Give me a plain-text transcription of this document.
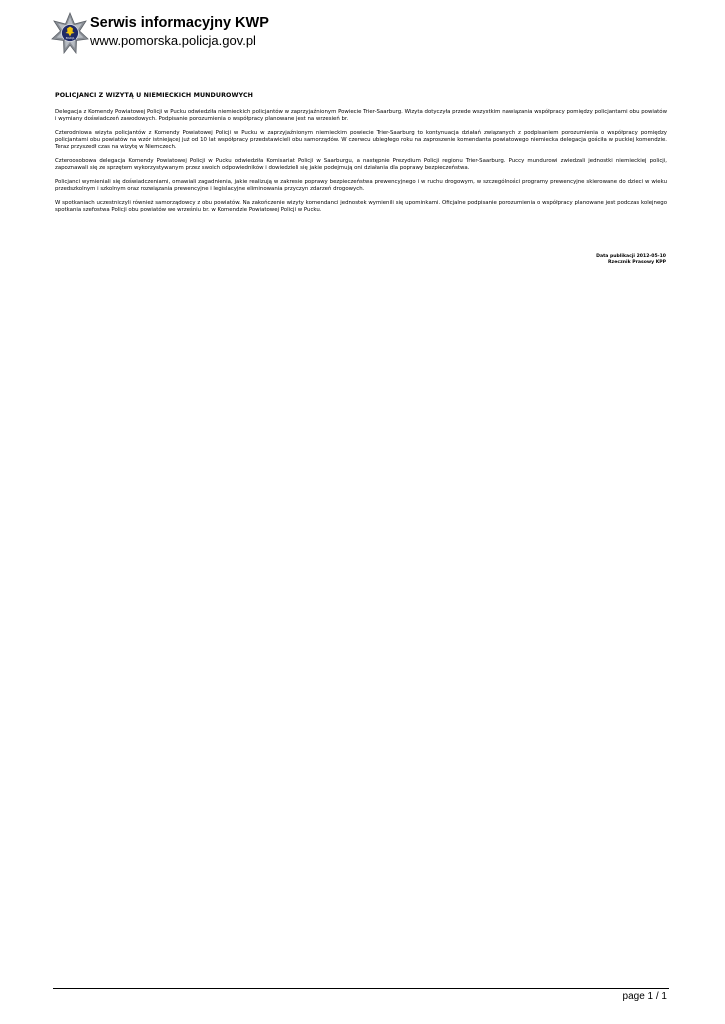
POLICJA
Serwis informacyjny KWP
www.pomorska.policja.gov.pl
POLICJANCI Z WIZYTĄ U NIEMIECKICH MUNDUROWYCH

Delegacja z Komendy Powiatowej Policji w Pucku odwiedziła niemieckich policjantów w zaprzyjaźnionym Powiecie Trier-Saarburg. Wizyta dotyczyła przede wszystkim nawiązania współpracy pomiędzy policjantami obu powiatów i wymiany doświadczeń zawodowych. Podpisanie porozumienia o współpracy planowane jest na wrzesień br.

Czterodniowa wizyta policjantów z Komendy Powiatowej Policji w Pucku w zaprzyjaźnionym niemieckim powiecie Trier-Saarburg to kontynuacja działań związanych z podpisaniem porozumienia o współpracy pomiędzy policjantami obu powiatów na wzór istniejącej już od 10 lat współpracy przedstawicieli obu samorządów. W czerwcu ubiegłego roku na zaproszenie komendanta powiatowego niemiecka delegacja gościła w puckiej komendzie. Teraz przyszedł czas na wizytę w Niemczech.

Czteroosobowa delegacja Komendy Powiatowej Policji w Pucku odwiedziła Komisariat Policji w Saarburgu, a następnie Prezydium Policji regionu Trier-Saarburg. Puccy mundurowi zwiedzali jednostki niemieckiej policji, zapoznawali się ze sprzętem wykorzystywanym przez swoich odpowiedników i dowiedzieli się jakie podejmują oni działania dla poprawy bezpieczeństwa.

Policjanci wymieniali się doświadczeniami, omawiali zagadnienia, jakie realizują w zakresie poprawy bezpieczeństwa prewencyjnego i w ruchu drogowym, w szczególności programy prewencyjne skierowane do dzieci w wieku przedszkolnym i szkolnym oraz rozwiązania prewencyjne i legislacyjne eliminowania przyczyn zdarzeń drogowych.

W spotkaniach uczestniczyli również samorządowcy z obu powiatów. Na zakończenie wizyty komendanci jednostek wymienili się upominkami. Oficjalne podpisanie porozumienia o współpracy planowane jest podczas kolejnego spotkania szefostwa Policji obu powiatów we wrześniu br. w Komendzie Powiatowej Policji w Pucku.

Data publikacji 2012-05-10
Rzecznik Prasowy KPP
page 1 / 1
